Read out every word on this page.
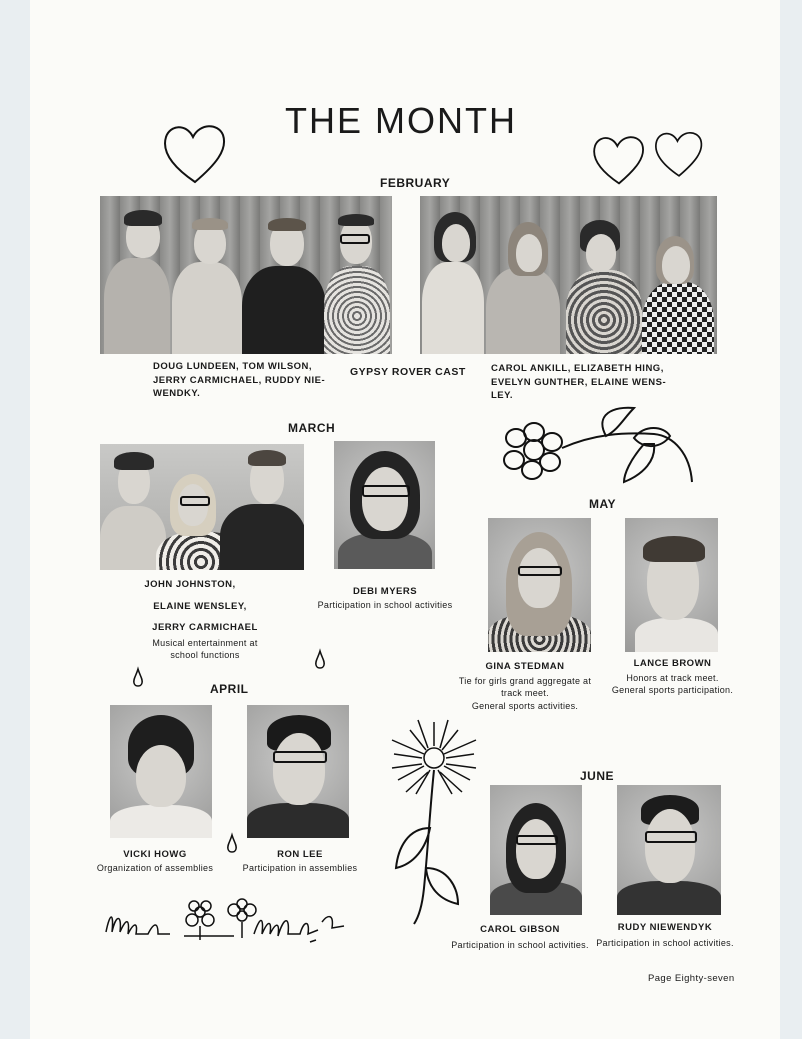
THE MONTH
FEBRUARY
DOUG LUNDEEN, TOM WILSON,
JERRY CARMICHAEL, RUDDY NIE-
WENDKY.
GYPSY ROVER CAST	CAROL ANKILL, ELIZABETH HING,
EVELYN GUNTHER, ELAINE WENS-
LEY.
MARCH
JOHN JOHNSTON,
ELAINE WENSLEY,
JERRY CARMICHAEL
Musical entertainment at
school functions
DEBI MYERS
Participation in school activities
MAY
GINA STEDMAN
Tie for girls grand aggregate at
track meet.
General sports activities.
LANCE BROWN
Honors at track meet.
General sports participation.
APRIL
VICKI HOWG
Organization of assemblies
RON LEE
Participation in assemblies
JUNE
CAROL GIBSON
Participation in school activities.
RUDY NIEWENDYK
Participation in school activities.
Page Eighty-seven
